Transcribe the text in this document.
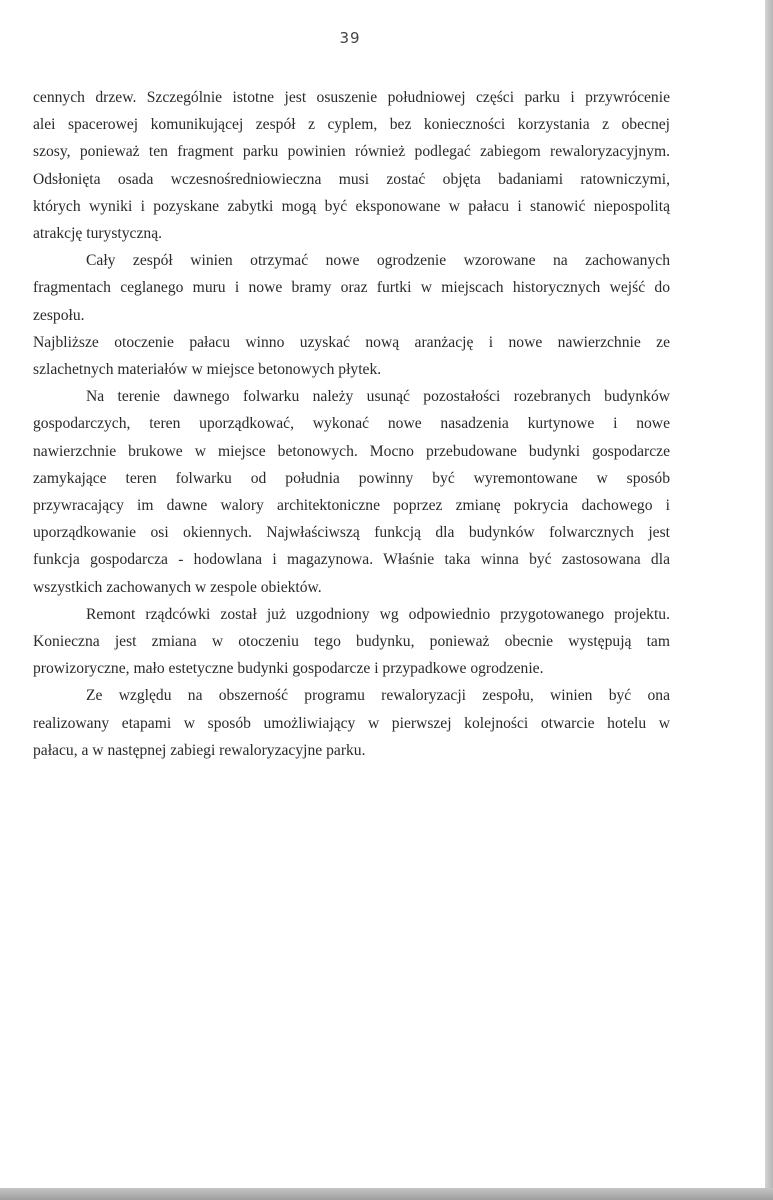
39

cennych drzew. Szczególnie istotne jest osuszenie południowej części parku i przywrócenie
alei spacerowej komunikującej zespół z cyplem, bez konieczności korzystania z obecnej
szosy, ponieważ ten fragment parku powinien również podlegać zabiegom rewaloryzacyjnym.
Odsłonięta osada wczesnośredniowieczna musi zostać objęta badaniami ratowniczymi,
których wyniki i pozyskane zabytki mogą być eksponowane w pałacu i stanowić niepospolitą
atrakcję turystyczną.

Cały zespół winien otrzymać nowe ogrodzenie wzorowane na zachowanych
fragmentach ceglanego muru i nowe bramy oraz furtki w miejscach historycznych wejść do
zespołu.

Najbliższe otoczenie pałacu winno uzyskać nową aranżację i nowe nawierzchnie ze
szlachetnych materiałów w miejsce betonowych płytek.

Na terenie dawnego folwarku należy usunąć pozostałości rozebranych budynków
gospodarczych, teren uporządkować, wykonać nowe nasadzenia kurtynowe i nowe
nawierzchnie brukowe w miejsce betonowych. Mocno przebudowane budynki gospodarcze
zamykające teren folwarku od południa powinny być wyremontowane w sposób
przywracający im dawne walory architektoniczne poprzez zmianę pokrycia dachowego i
uporządkowanie osi okiennych. Najwłaściwszą funkcją dla budynków folwarcznych jest
funkcja gospodarcza - hodowlana i magazynowa. Właśnie taka winna być zastosowana dla
wszystkich zachowanych w zespole obiektów.

Remont rządcówki został już uzgodniony wg odpowiednio przygotowanego projektu.
Konieczna jest zmiana w otoczeniu tego budynku, ponieważ obecnie występują tam
prowizoryczne, mało estetyczne budynki gospodarcze i przypadkowe ogrodzenie.

Ze względu na obszerność programu rewaloryzacji zespołu, winien być ona
realizowany etapami w sposób umożliwiający w pierwszej kolejności otwarcie hotelu w
pałacu, a w następnej zabiegi rewaloryzacyjne parku.
